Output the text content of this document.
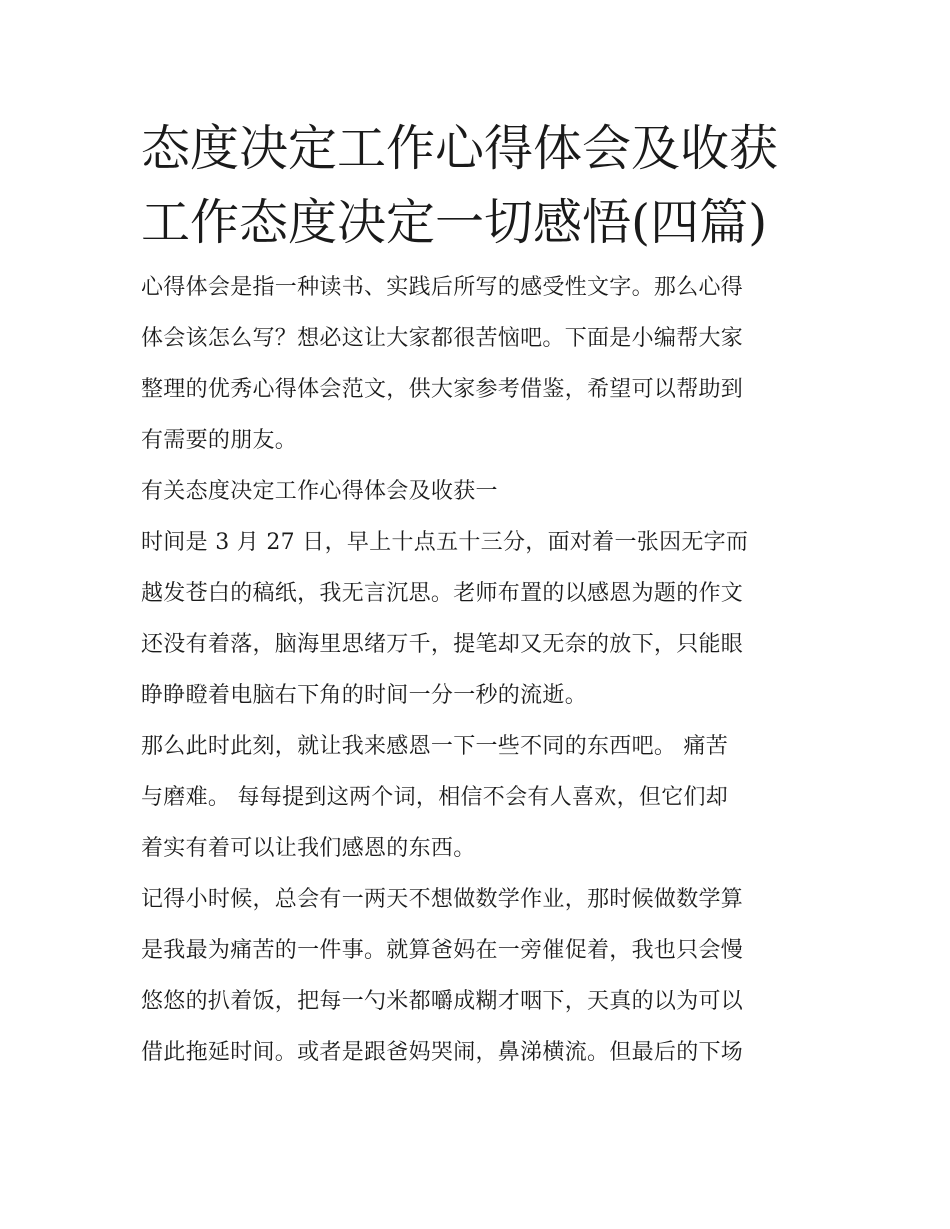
态度决定工作心得体会及收获
工作态度决定一切感悟(四篇)

心得体会是指一种读书、实践后所写的感受性文字。那么心得
体会该怎么写？想必这让大家都很苦恼吧。下面是小编帮大家
整理的优秀心得体会范文，供大家参考借鉴，希望可以帮助到
有需要的朋友。

有关态度决定工作心得体会及收获一

时间是 3 月 27 日，早上十点五十三分，面对着一张因无字而
越发苍白的稿纸，我无言沉思。老师布置的以感恩为题的作文
还没有着落，脑海里思绪万千，提笔却又无奈的放下，只能眼
睁睁瞪着电脑右下角的时间一分一秒的流逝。

那么此时此刻，就让我来感恩一下一些不同的东西吧。 痛苦
与磨难。 每每提到这两个词，相信不会有人喜欢，但它们却
着实有着可以让我们感恩的东西。

记得小时候，总会有一两天不想做数学作业，那时候做数学算
是我最为痛苦的一件事。就算爸妈在一旁催促着，我也只会慢
悠悠的扒着饭，把每一勺米都嚼成糊才咽下，天真的以为可以
借此拖延时间。或者是跟爸妈哭闹，鼻涕横流。但最后的下场
